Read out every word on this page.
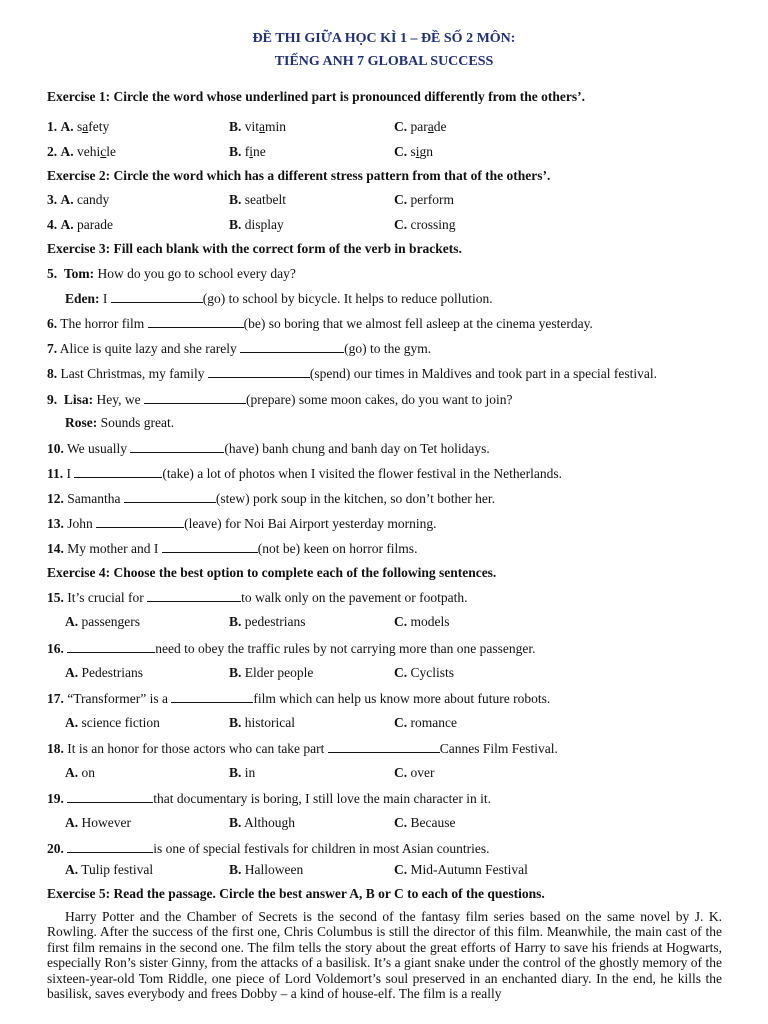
ĐỀ THI GIỮA HỌC KÌ 1 – ĐỀ SỐ 2 MÔN:
TIẾNG ANH 7 GLOBAL SUCCESS
Exercise 1: Circle the word whose underlined part is pronounced differently from the others’.
1. A. safety	B. vitamin	C. parade
2. A. vehicle	B. fine	C. sign
Exercise 2: Circle the word which has a different stress pattern from that of the others’.
3. A. candy	B. seatbelt	C. perform
4. A. parade	B. display	C. crossing
Exercise 3: Fill each blank with the correct form of the verb in brackets.
5. Tom: How do you go to school every day?
Eden: I	(go) to school by bicycle. It helps to reduce pollution.
6. The horror film	(be) so boring that we almost fell asleep at the cinema yesterday.
7. Alice is quite lazy and she rarely	(go) to the gym.
8. Last Christmas, my family	(spend) our times in Maldives and took part in a special festival.
9. Lisa: Hey, we	(prepare) some moon cakes, do you want to join?
Rose: Sounds great.
10. We usually	(have) banh chung and banh day on Tet holidays.
11. I	(take) a lot of photos when I visited the flower festival in the Netherlands.
12. Samantha	(stew) pork soup in the kitchen, so don’t bother her.
13. John	(leave) for Noi Bai Airport yesterday morning.
14. My mother and I	(not be) keen on horror films.
Exercise 4: Choose the best option to complete each of the following sentences.
15. It’s crucial for	to walk only on the pavement or footpath.
A. passengers	B. pedestrians	C. models
16.	need to obey the traffic rules by not carrying more than one passenger.
A. Pedestrians	B. Elder people	C. Cyclists
17. “Transformer” is a	film which can help us know more about future robots.
A. science fiction	B. historical	C. romance
18. It is an honor for those actors who can take part	Cannes Film Festival.
A. on	B. in	C. over
19.	that documentary is boring, I still love the main character in it.
A. However	B. Although	C. Because
20.	is one of special festivals for children in most Asian countries.
A. Tulip festival	B. Halloween	C. Mid-Autumn Festival
Exercise 5: Read the passage. Circle the best answer A, B or C to each of the questions.
Harry Potter and the Chamber of Secrets is the second of the fantasy film series based on the same novel by J. K. Rowling. After the success of the first one, Chris Columbus is still the director of this film. Meanwhile, the main cast of the first film remains in the second one. The film tells the story about the great efforts of Harry to save his friends at Hogwarts, especially Ron’s sister Ginny, from the attacks of a basilisk. It’s a giant snake under the control of the ghostly memory of the sixteen-year-old Tom Riddle, one piece of Lord Voldemort’s soul preserved in an enchanted diary. In the end, he kills the basilisk, saves everybody and frees Dobby – a kind of house-elf. The film is a really
